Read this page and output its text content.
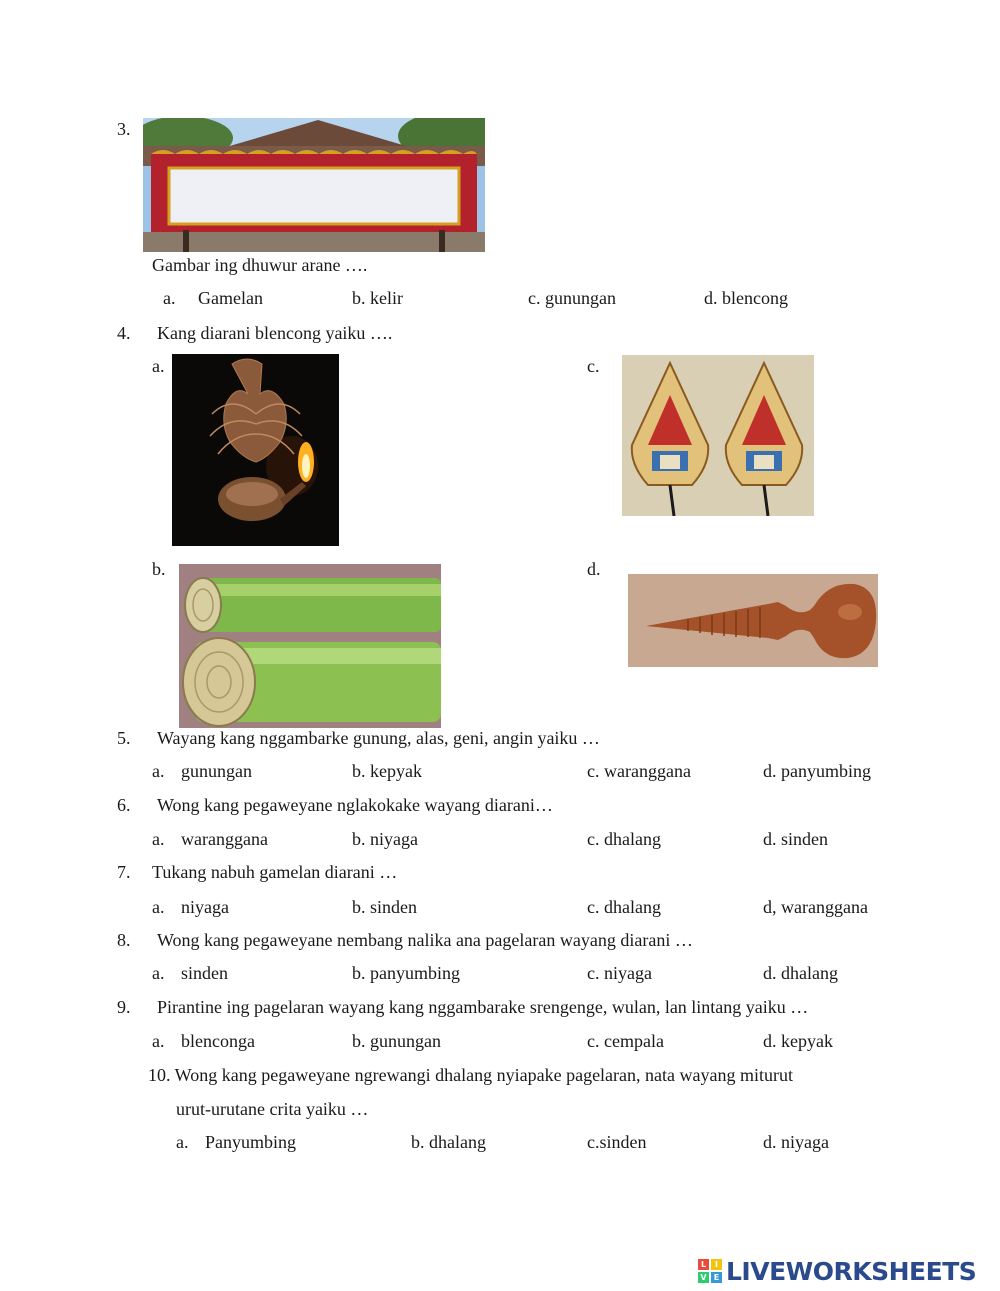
3.
Gambar ing dhuwur arane ….
a. Gamelan	b. kelir	c. gunungan	d. blencong
4. Kang diarani blencong yaiku ….
a.	c.
b.	d.
5. Wayang kang nggambarke gunung, alas, geni, angin yaiku …
a. gunungan	b. kepyak	c. waranggana	d. panyumbing
6. Wong kang pegaweyane nglakokake wayang diarani…
a. waranggana	b. niyaga	c. dhalang	d. sinden
7. Tukang nabuh gamelan diarani …
a. niyaga	b. sinden	c. dhalang	d, waranggana
8. Wong kang pegaweyane nembang nalika ana pagelaran wayang diarani …
a. sinden	b. panyumbing	c. niyaga	d. dhalang
9. Pirantine ing pagelaran wayang kang nggambarake srengenge, wulan, lan lintang yaiku …
a. blenconga	b. gunungan	c. cempala	d. kepyak
10. Wong kang pegaweyane ngrewangi dhalang nyiapake pagelaran, nata wayang miturut
urut-urutane crita yaiku …
a. Panyumbing	b. dhalang	c.sinden	d. niyaga
L	I
V E LIVEWORKSHEETS
